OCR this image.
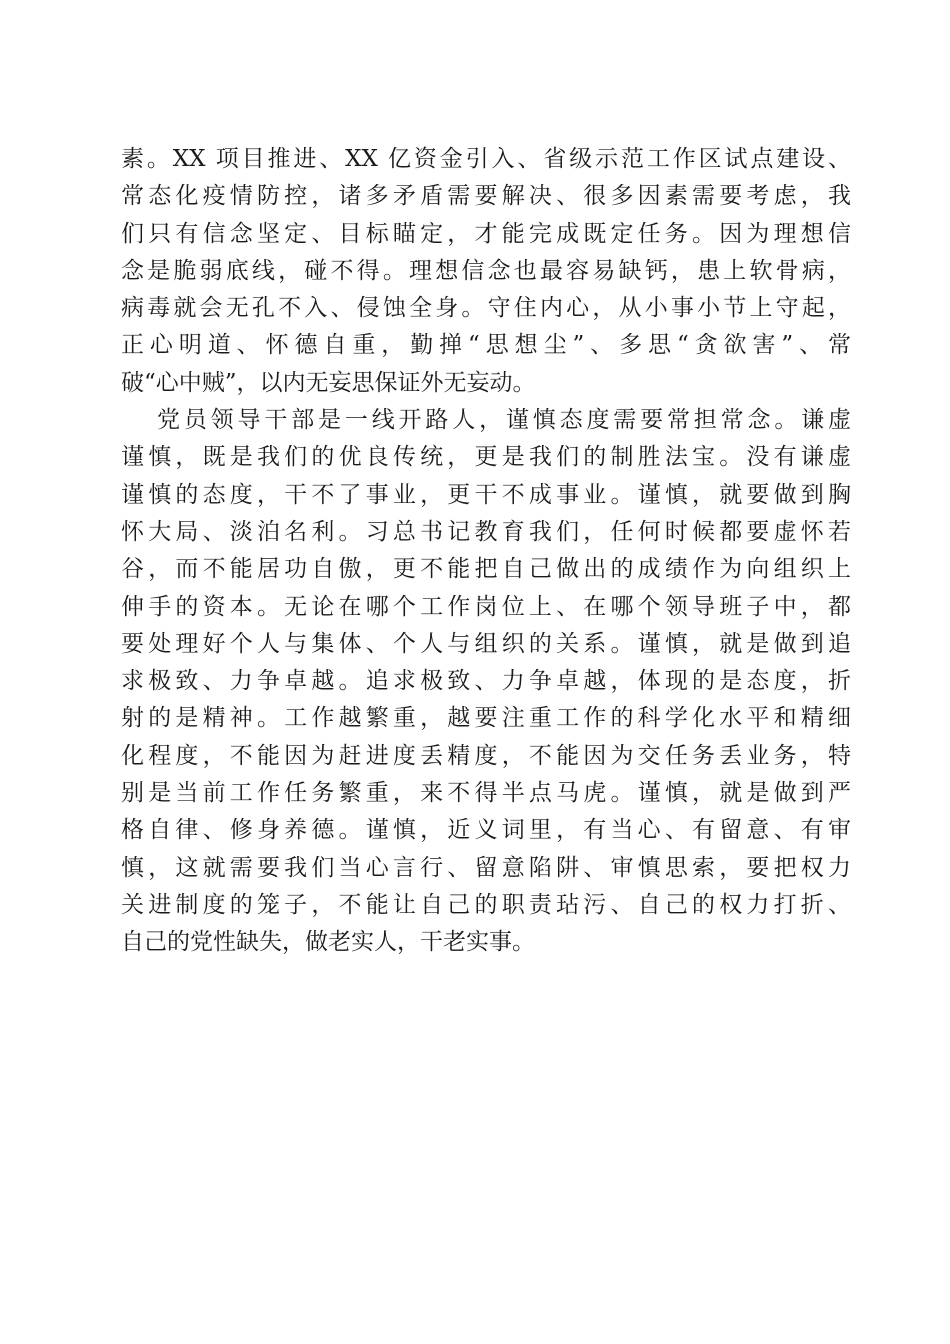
素。XX 项目推进、XX 亿资金引入、省级示范工作区试点建设、
常态化疫情防控，诸多矛盾需要解决、很多因素需要考虑，我
们只有信念坚定、目标瞄定，才能完成既定任务。因为理想信
念是脆弱底线，碰不得。理想信念也最容易缺钙，患上软骨病，
病毒就会无孔不入、侵蚀全身。守住内心，从小事小节上守起，
正心明道、怀德自重，勤掸“思想尘”、多思“贪欲害”、常
破“心中贼”，以内无妄思保证外无妄动。
党员领导干部是一线开路人，谨慎态度需要常担常念。谦虚
谨慎，既是我们的优良传统，更是我们的制胜法宝。没有谦虚
谨慎的态度，干不了事业，更干不成事业。谨慎，就要做到胸
怀大局、淡泊名利。习总书记教育我们，任何时候都要虚怀若
谷，而不能居功自傲，更不能把自己做出的成绩作为向组织上
伸手的资本。无论在哪个工作岗位上、在哪个领导班子中，都
要处理好个人与集体、个人与组织的关系。谨慎，就是做到追
求极致、力争卓越。追求极致、力争卓越，体现的是态度，折
射的是精神。工作越繁重，越要注重工作的科学化水平和精细
化程度，不能因为赶进度丢精度，不能因为交任务丢业务，特
别是当前工作任务繁重，来不得半点马虎。谨慎，就是做到严
格自律、修身养德。谨慎，近义词里，有当心、有留意、有审
慎，这就需要我们当心言行、留意陷阱、审慎思索，要把权力
关进制度的笼子，不能让自己的职责玷污、自己的权力打折、
自己的党性缺失，做老实人，干老实事。
